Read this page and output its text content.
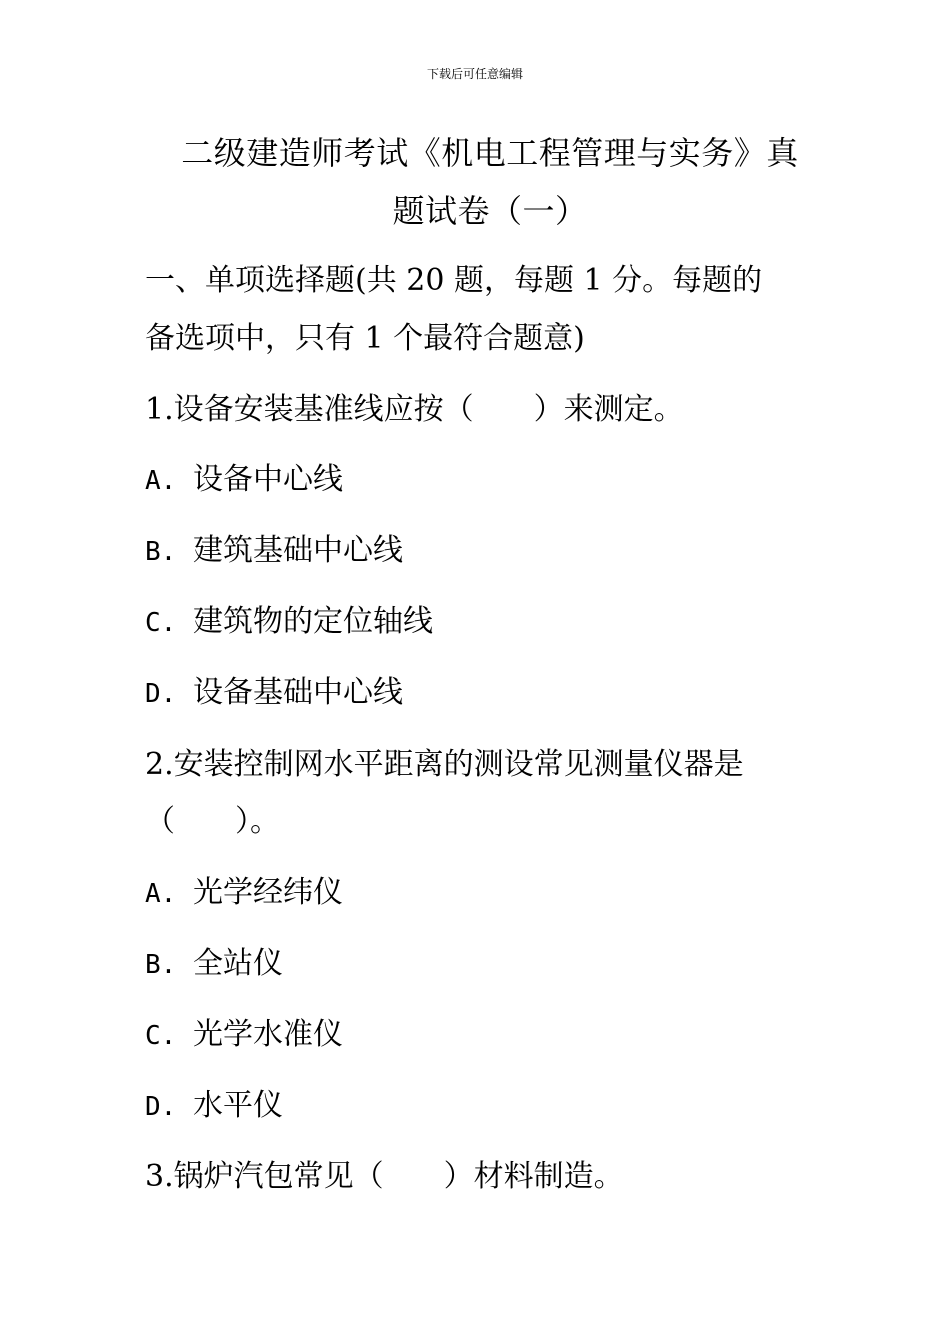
下载后可任意编辑
二级建造师考试《机电工程管理与实务》真
题试卷（一）
一、单项选择题(共 20 题，每题 1 分。每题的
备选项中，只有 1 个最符合题意)
1.设备安装基准线应按（　　）来测定。
A. 设备中心线
B. 建筑基础中心线
C. 建筑物的定位轴线
D. 设备基础中心线
2.安装控制网水平距离的测设常见测量仪器是
（　　）。
A. 光学经纬仪
B. 全站仪
C. 光学水准仪
D. 水平仪
3.锅炉汽包常见（　　）材料制造。
